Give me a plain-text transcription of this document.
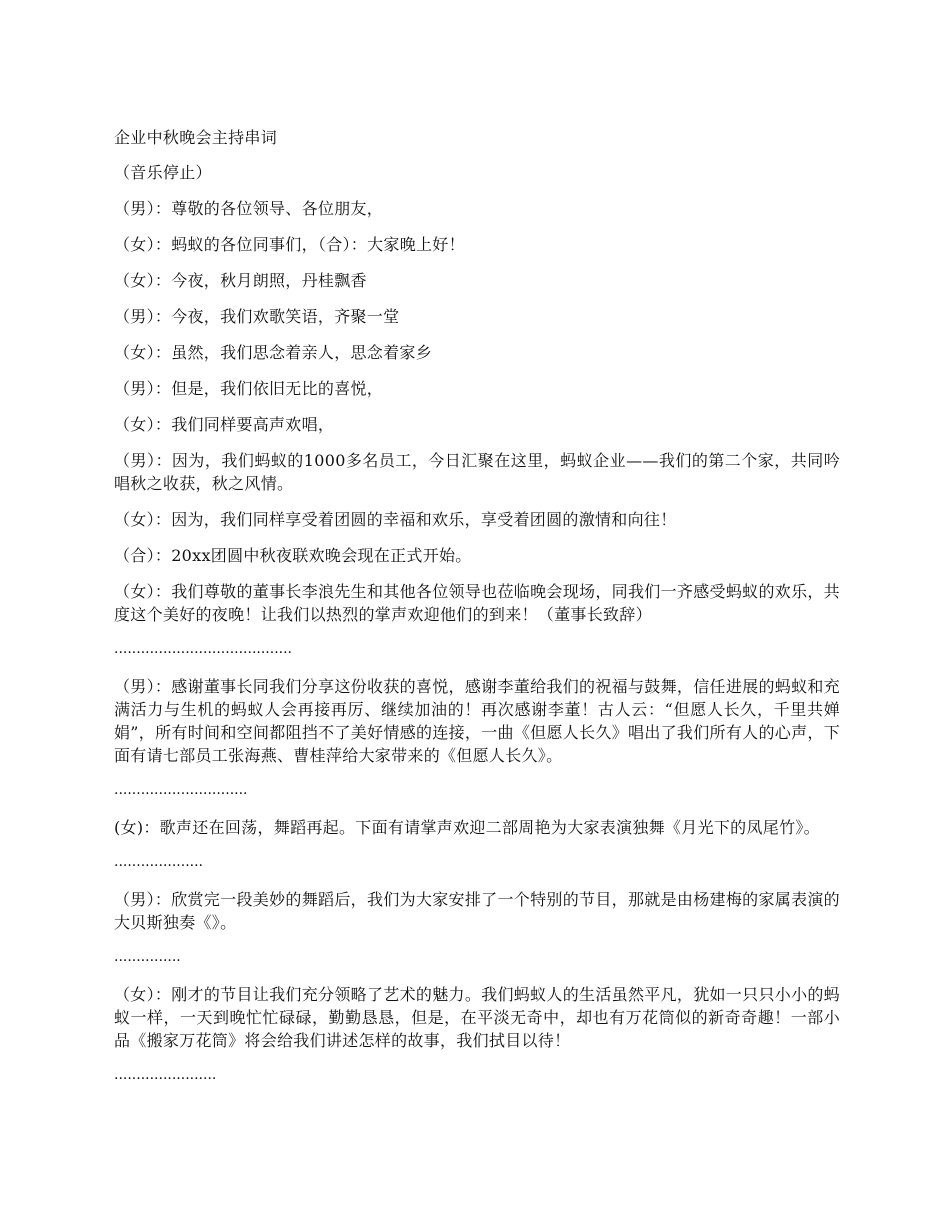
企业中秋晚会主持串词

（音乐停止）

（男）：尊敬的各位领导、各位朋友，

（女）：蚂蚁的各位同事们，（合）：大家晚上好！

（女）：今夜，秋月朗照，丹桂飘香

（男）：今夜，我们欢歌笑语，齐聚一堂

（女）：虽然，我们思念着亲人，思念着家乡

（男）：但是，我们依旧无比的喜悦，

（女）：我们同样要高声欢唱，

（男）：因为，我们蚂蚁的1000多名员工，今日汇聚在这里，蚂蚁企业——我们的第二个家，共同吟唱秋之收获，秋之风情。

（女）：因为，我们同样享受着团圆的幸福和欢乐，享受着团圆的激情和向往！

（合）：20xx团圆中秋夜联欢晚会现在正式开始。

（女）：我们尊敬的董事长李浪先生和其他各位领导也莅临晚会现场，同我们一齐感受蚂蚁的欢乐，共度这个美好的夜晚！让我们以热烈的掌声欢迎他们的到来！（董事长致辞）

........................................

（男）：感谢董事长同我们分享这份收获的喜悦，感谢李董给我们的祝福与鼓舞，信任进展的蚂蚁和充满活力与生机的蚂蚁人会再接再厉、继续加油的！再次感谢李董！古人云：“但愿人长久，千里共婵娟”，所有时间和空间都阻挡不了美好情感的连接，一曲《但愿人长久》唱出了我们所有人的心声，下面有请七部员工张海燕、曹桂萍给大家带来的《但愿人长久》。

..............................

(女)：歌声还在回荡，舞蹈再起。下面有请掌声欢迎二部周艳为大家表演独舞《月光下的凤尾竹》。

....................

（男）：欣赏完一段美妙的舞蹈后，我们为大家安排了一个特别的节目，那就是由杨建梅的家属表演的大贝斯独奏《》。

...............

（女）：刚才的节目让我们充分领略了艺术的魅力。我们蚂蚁人的生活虽然平凡，犹如一只只小小的蚂蚁一样，一天到晚忙忙碌碌，勤勤恳恳，但是，在平淡无奇中，却也有万花筒似的新奇奇趣！一部小品《搬家万花筒》将会给我们讲述怎样的故事，我们拭目以待！

.......................
